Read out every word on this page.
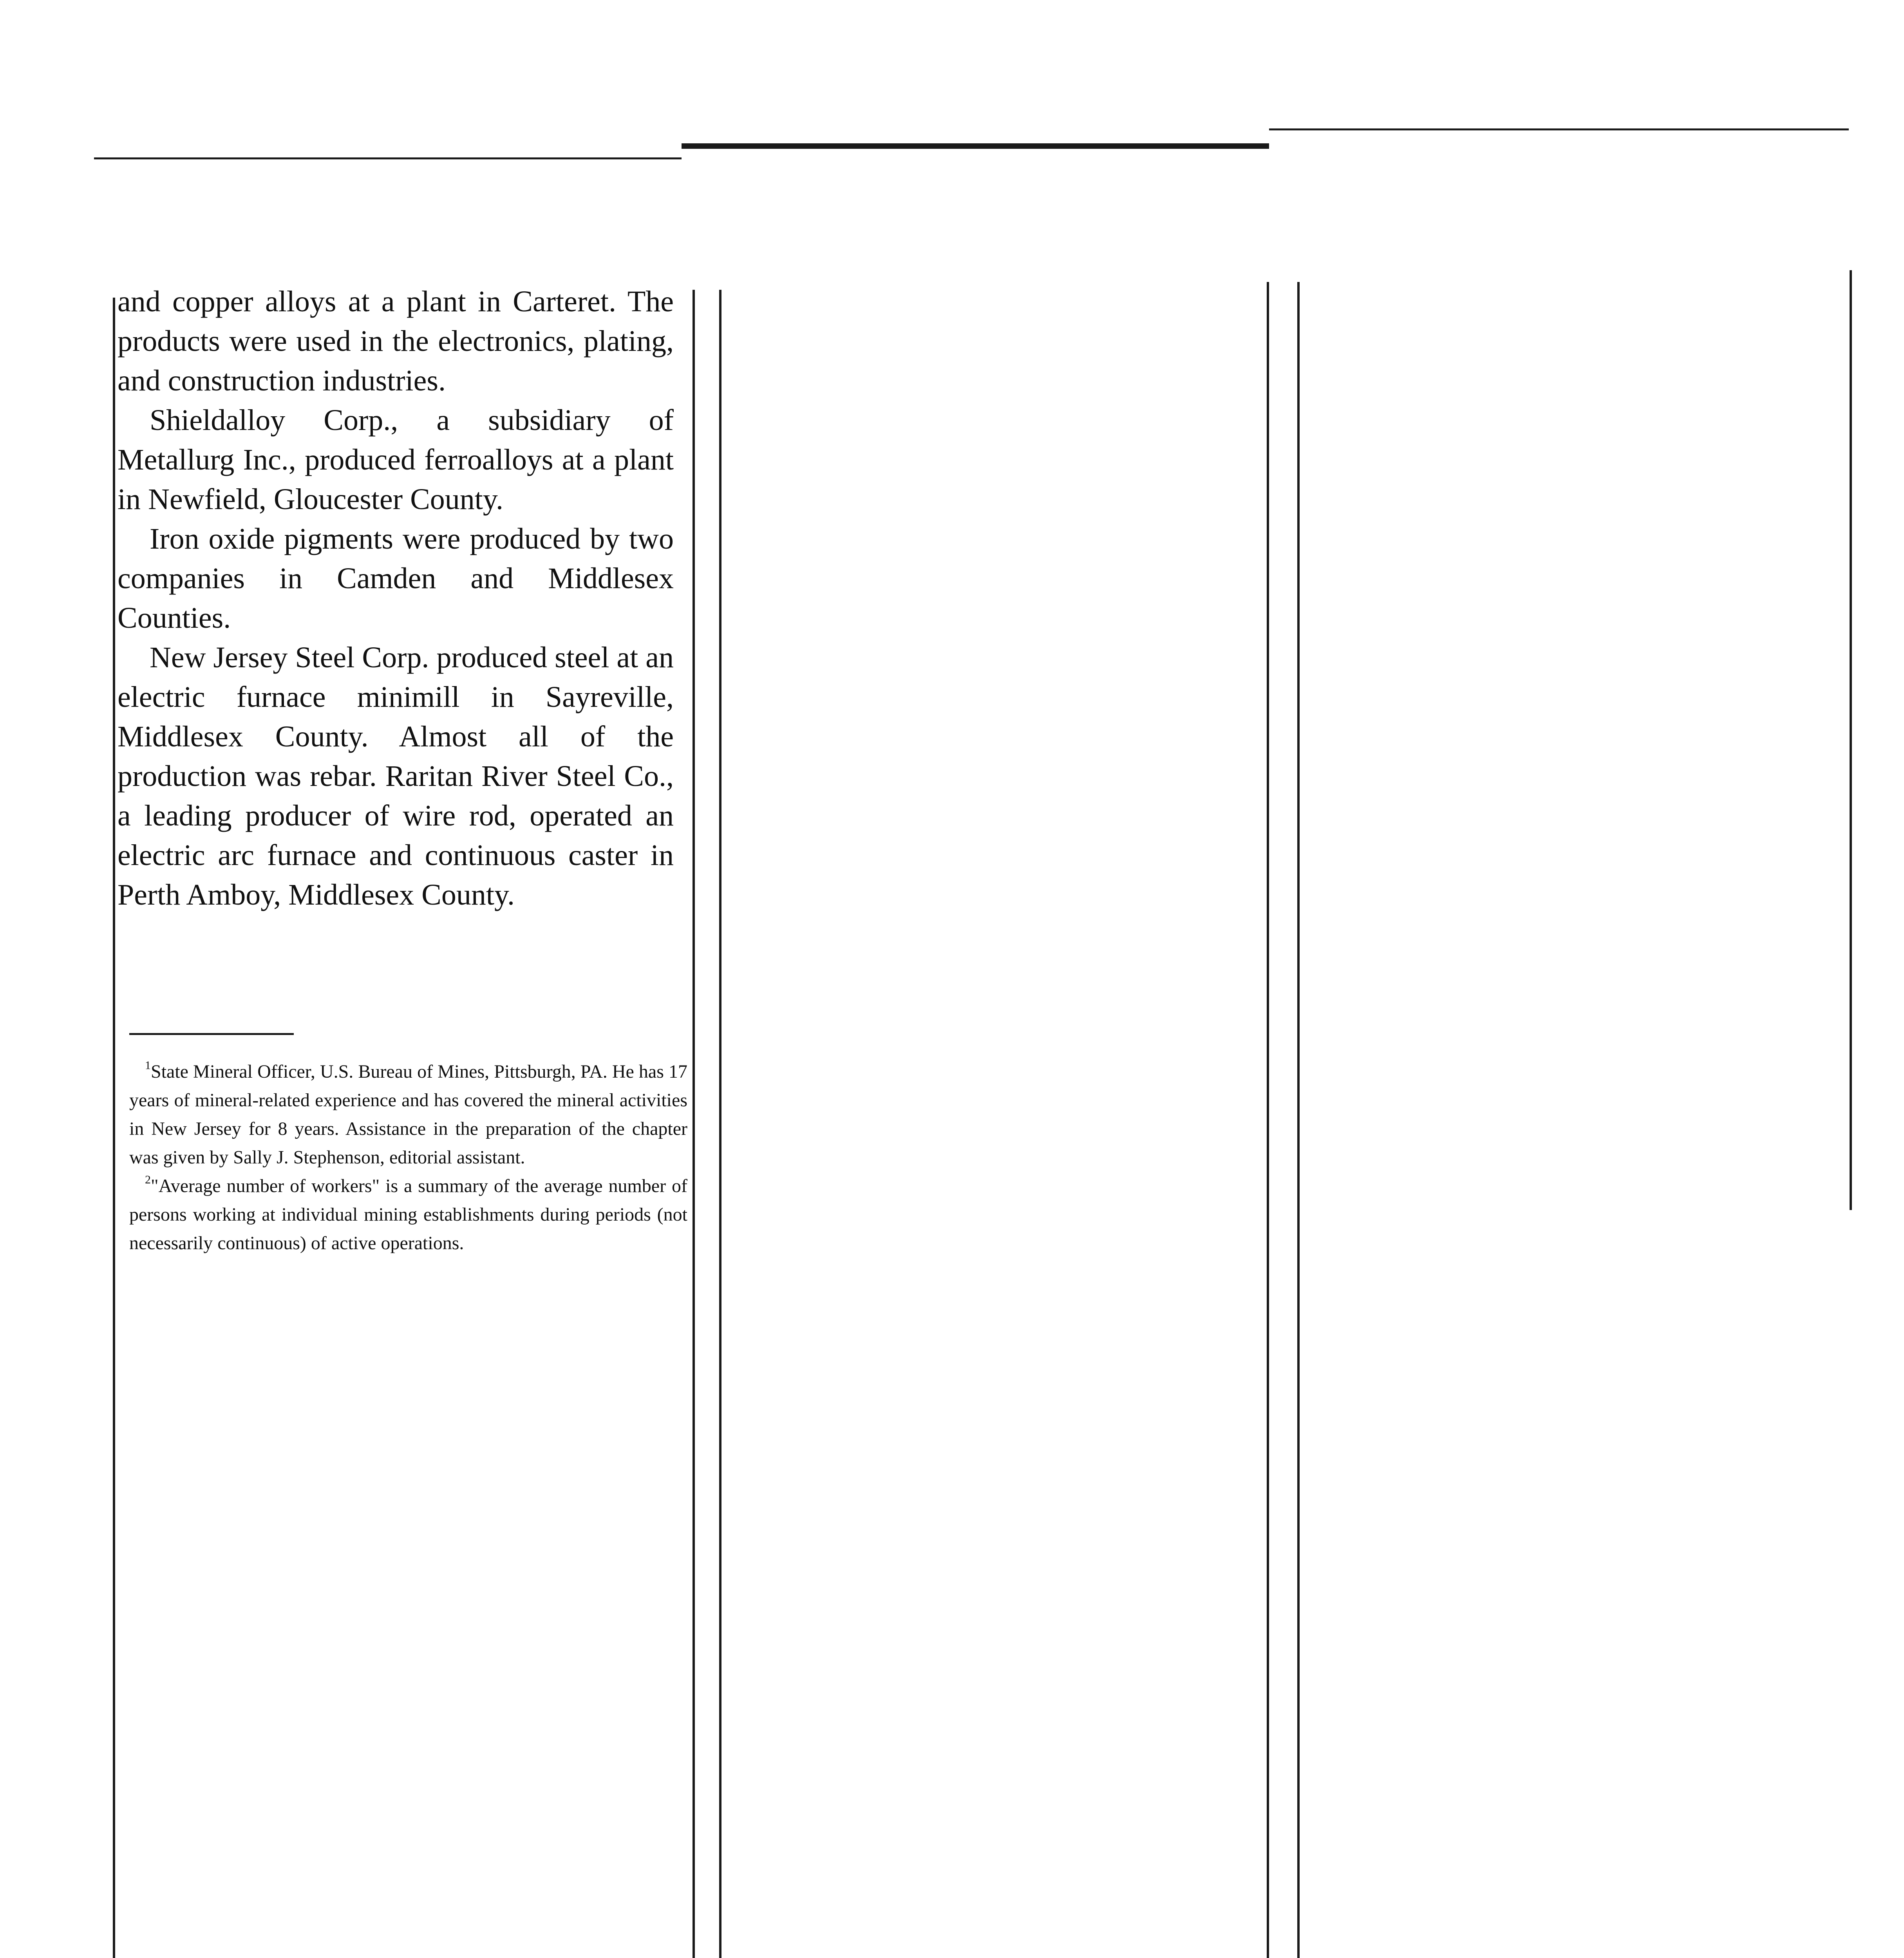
and copper alloys at a plant in Carteret. The products were used in the electronics, plating, and construction industries.

Shieldalloy Corp., a subsidiary of Metallurg Inc., produced ferroalloys at a plant in Newfield, Gloucester County.

Iron oxide pigments were produced by two companies in Camden and Middlesex Counties.

New Jersey Steel Corp. produced steel at an electric furnace minimill in Sayreville, Middlesex County. Almost all of the production was rebar. Raritan River Steel Co., a leading producer of wire rod, operated an electric arc furnace and continuous caster in Perth Amboy, Middlesex County.

$^1$State Mineral Officer, U.S. Bureau of Mines, Pittsburgh, PA. He has 17 years of mineral-related experience and has covered the mineral activities in New Jersey for 8 years. Assistance in the preparation of the chapter was given by Sally J. Stephenson, editorial assistant.

$^2$"Average number of workers" is a summary of the average number of persons working at individual mining establishments during periods (not necessarily continuous) of active operations.
